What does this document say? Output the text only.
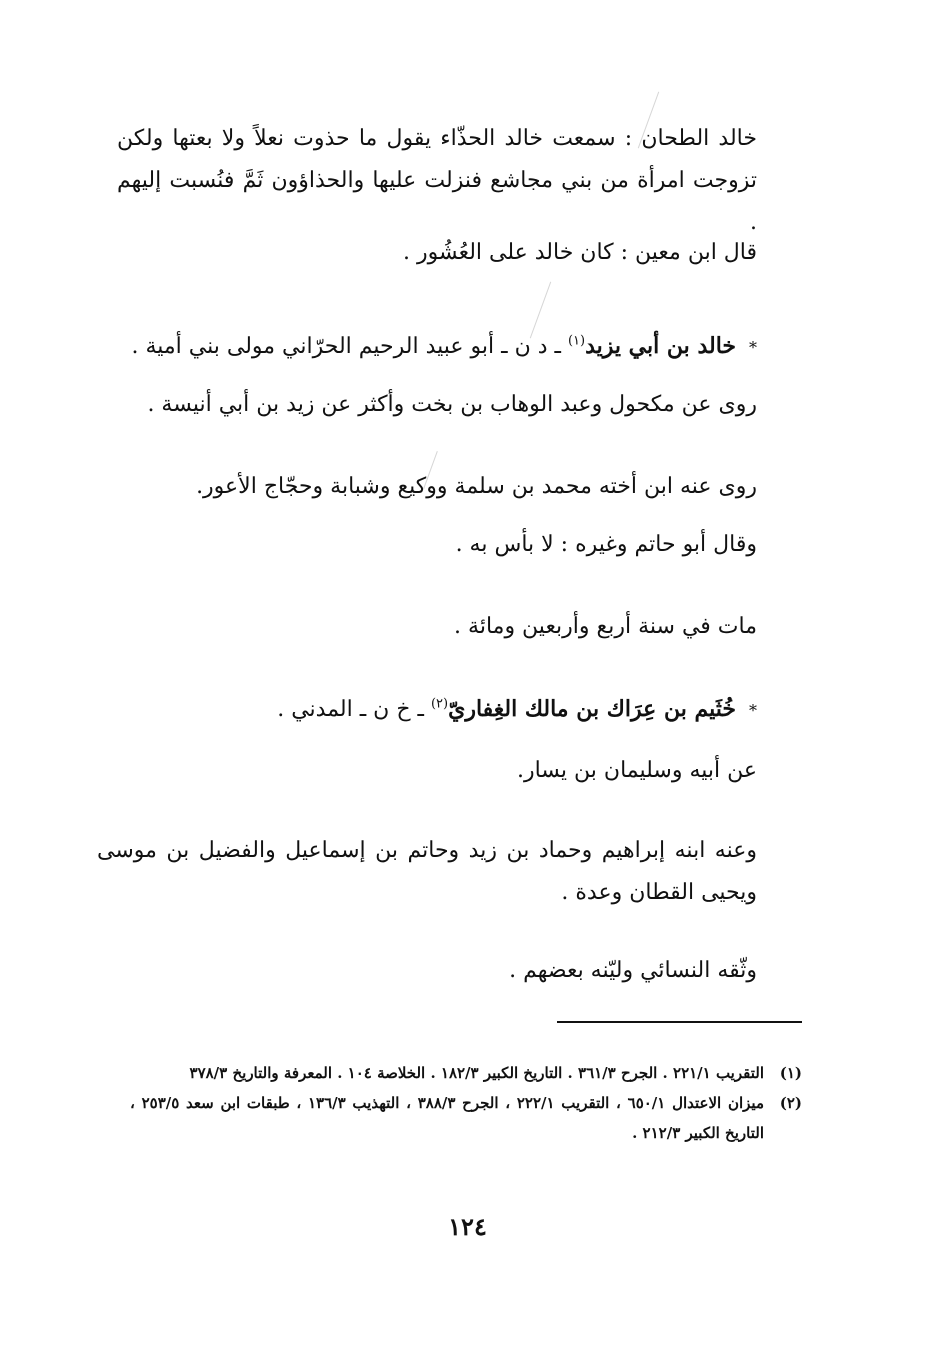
خالد الطحان : سمعت خالد الحذّاء يقول ما حذوت نعلاً ولا بعتها ولكن تزوجت امرأة من بني مجاشع فنزلت عليها والحذاؤون ثَمَّ فنُسبت إليهم .

قال ابن معين : كان خالد على العُشُور .

* خالد بن أبي يزيد$^{(١)}$ ـ د ن ـ أبو عبيد الرحيم الحرّاني مولى بني أمية .

روى عن مكحول وعبد الوهاب بن بخت وأكثر عن زيد بن أبي أنيسة .

روى عنه ابن أخته محمد بن سلمة ووكيع وشبابة وحجّاج الأعور.

وقال أبو حاتم وغيره : لا بأس به .

مات في سنة أربع وأربعين ومائة .

* خُثَيم بن عِرَاك بن مالك الغِفاريّ$^{(٢)}$ ـ خ ن ـ المدني .

عن أبيه وسليمان بن يسار.

وعنه ابنه إبراهيم وحماد بن زيد وحاتم بن إسماعيل والفضيل بن موسى ويحيى القطان وعدة .

وثّقه النسائي وليّنه بعضهم .

(١)
التقريب ٢٢١/١ . الجرح ٣٦١/٣ . التاريخ الكبير ١٨٢/٣ . الخلاصة ١٠٤ . المعرفة والتاريخ ٣٧٨/٣
(٢)
ميزان الاعتدال ٦٥٠/١ ، التقريب ٢٢٢/١ ، الجرح ٣٨٨/٣ ، التهذيب ١٣٦/٣ ، طبقات ابن سعد ٢٥٣/٥ ، التاريخ الكبير ٢١٢/٣ .
١٢٤
